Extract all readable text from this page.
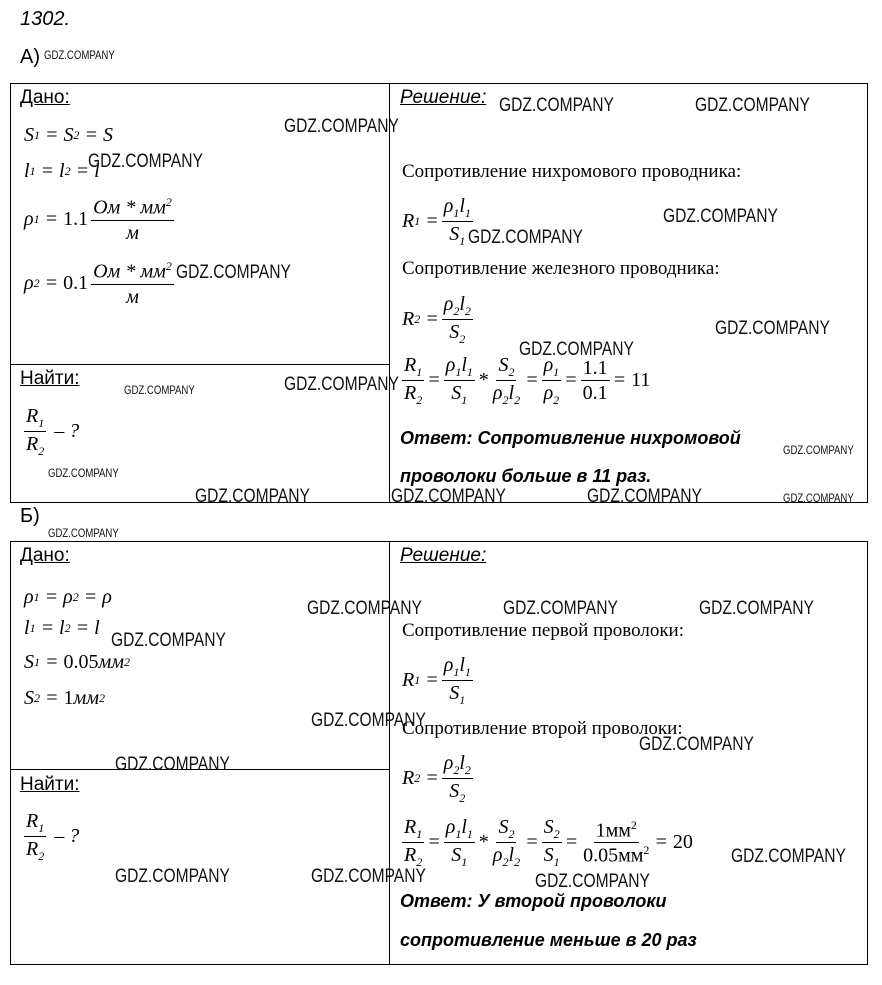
1302.
А)
Б)
Дано:
Найти:
Решение:
S 1 = S 2 = S
l 1 = l 2 = l
ρ $1 = 1.1 \frac{Ом * мм^2}{м}$
ρ $2 = 0.1 \frac{Ом * мм^2}{м}$
$\frac{R_1}{R_2}$ – ?
Сопротивление нихромового проводника:
R $1 = \frac{\rho_1l_1}{S_1}$
Сопротивление железного проводника:
R $2 = \frac{\rho_2l_2}{S_2}$
$\frac{R_1}{R_2} = \frac{\rho_1l_1}{S_1} * \frac{S_2}{\rho_2l_2} = \frac{\rho_1}{\rho_2} = \frac{1.1}{0.1} = 11$
Ответ: Сопротивление нихромовой
проволоки больше в 11 раз.
Дано:
Найти:
Решение:
ρ 1 = ρ 2 = ρ
l 1 = l 2 = l
S 1 = 0.05 мм 2
S 2 = 1 мм 2
$\frac{R_1}{R_2}$ – ?
Сопротивление первой проволоки:
R $1 = \frac{\rho_1l_1}{S_1}$
Сопротивление второй проволоки:
R $2 = \frac{\rho_2l_2}{S_2}$
$\frac{R_1}{R_2} = \frac{\rho_1l_1}{S_1} * \frac{S_2}{\rho_2l_2} = \frac{S_2}{S_1} = \frac{1мм^2}{0.05мм^2} = 20$
Ответ: У второй проволоки
сопротивление меньше в 20 раз
GDZ.COMPANY
GDZ.COMPANY
GDZ.COMPANY
GDZ.COMPANY
GDZ.COMPANY	GDZ.COMPANY
GDZ.COMPANY
GDZ.COMPANY
GDZ.COMPANY
GDZ.COMPANY
GDZ.COMPANY
GDZ.COMPANY
GDZ.COMPANY
GDZ.COMPANY
GDZ.COMPANY
GDZ.COMPANY	GDZ.COMPANY	GDZ.COMPANY
GDZ.COMPANY
GDZ.COMPANY	GDZ.COMPANY	GDZ.COMPANY
GDZ.COMPANY
GDZ.COMPANY
GDZ.COMPANY
GDZ.COMPANY
GDZ.COMPANY
GDZ.COMPANY	GDZ.COMPANY	GDZ.COMPANY
